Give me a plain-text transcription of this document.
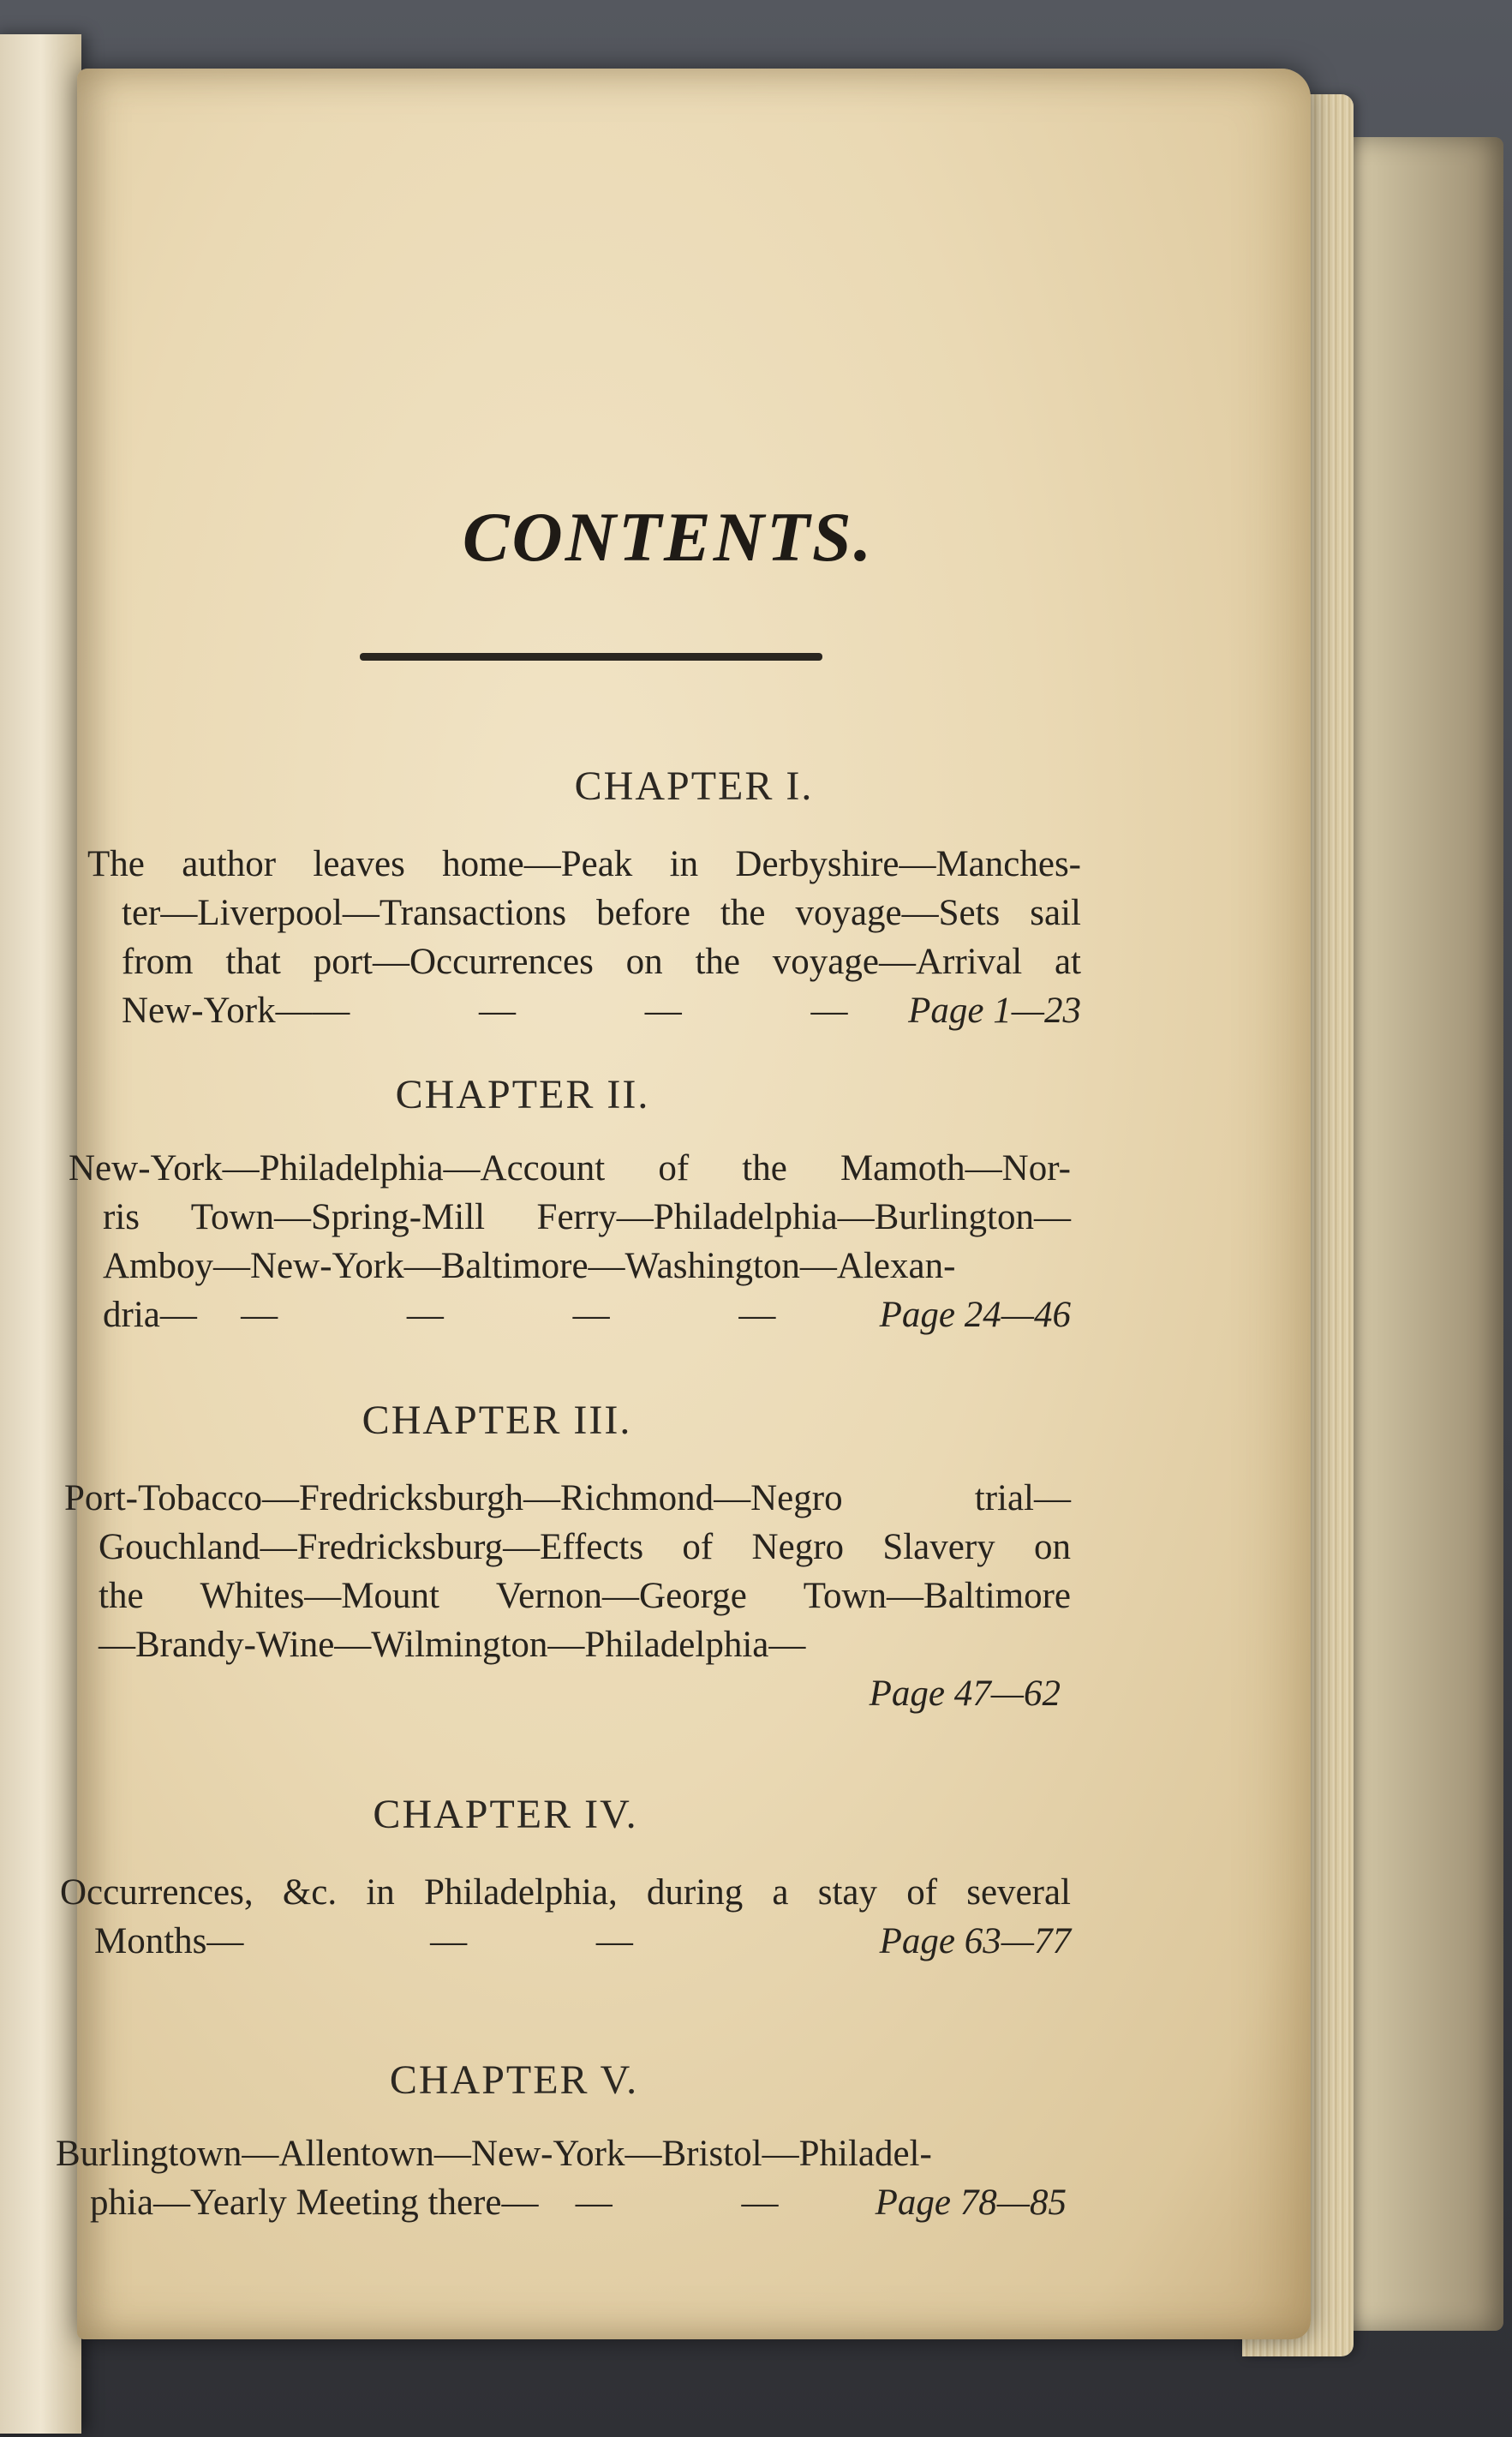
CONTENTS.
CHAPTER I.
The author leaves home—Peak in Derbyshire—Manches-
ter—Liverpool—Transactions before the voyage—Sets sail
from that port—Occurrences on the voyage—Arrival at
New-York— — — — — Page 1—23
CHAPTER II.
New-York—Philadelphia—Account of the Mamoth—Nor-
ris Town—Spring-Mill Ferry—Philadelphia—Burlington—
Amboy—New-York—Baltimore—Washington—Alexan-
dria— — — — — Page 24—46
CHAPTER III.
Port-Tobacco—Fredricksburgh—Richmond—Negro trial—
Gouchland—Fredricksburg—Effects of Negro Slavery on
the Whites—Mount Vernon—George Town—Baltimore
—Brandy-Wine—Wilmington—Philadelphia—
Page 47—62
CHAPTER IV.
Occurrences, &c. in Philadelphia, during a stay of several
Months—	— —	Page 63—77
CHAPTER V.
Burlingtown—Allentown—New-York—Bristol—Philadel-
phia—Yearly Meeting there— — — Page 78—85
